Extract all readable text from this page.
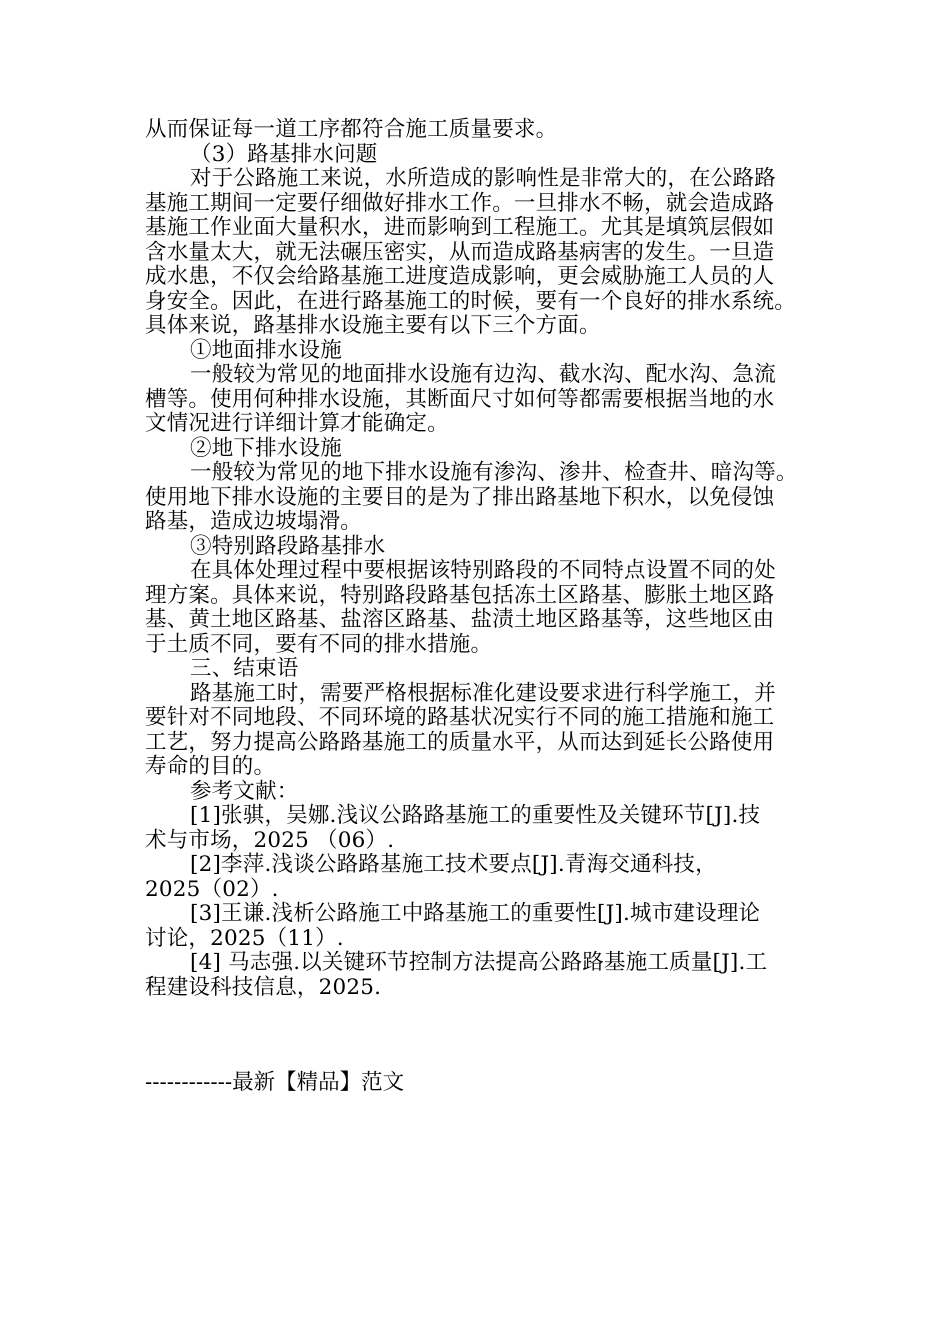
从而保证每一道工序都符合施工质量要求。
（3）路基排水问题
对于公路施工来说，水所造成的影响性是非常大的，在公路路
基施工期间一定要仔细做好排水工作。一旦排水不畅，就会造成路
基施工作业面大量积水，进而影响到工程施工。尤其是填筑层假如
含水量太大，就无法碾压密实，从而造成路基病害的发生。一旦造
成水患，不仅会给路基施工进度造成影响，更会威胁施工人员的人
身安全。因此，在进行路基施工的时候，要有一个良好的排水系统。
具体来说，路基排水设施主要有以下三个方面。
①地面排水设施
一般较为常见的地面排水设施有边沟、截水沟、配水沟、急流
槽等。使用何种排水设施，其断面尺寸如何等都需要根据当地的水
文情况进行详细计算才能确定。
②地下排水设施
一般较为常见的地下排水设施有渗沟、渗井、检查井、暗沟等。
使用地下排水设施的主要目的是为了排出路基地下积水，以免侵蚀
路基，造成边坡塌滑。
③特别路段路基排水
在具体处理过程中要根据该特别路段的不同特点设置不同的处
理方案。具体来说，特别路段路基包括冻土区路基、膨胀土地区路
基、黄土地区路基、盐溶区路基、盐渍土地区路基等，这些地区由
于土质不同，要有不同的排水措施。
三、结束语
路基施工时，需要严格根据标准化建设要求进行科学施工，并
要针对不同地段、不同环境的路基状况实行不同的施工措施和施工
工艺，努力提高公路路基施工的质量水平，从而达到延长公路使用
寿命的目的。
参考文献：
[1]张骐，吴娜.浅议公路路基施工的重要性及关键环节[J].技
术与市场，2025 （06）.
[2]李萍.浅谈公路路基施工技术要点[J].青海交通科技，
2025（02）.
[3]王谦.浅析公路施工中路基施工的重要性[J].城市建设理论
讨论，2025（11）.
[4] 马志强.以关键环节控制方法提高公路路基施工质量[J].工
程建设科技信息，2025.
------------最新【精品】范文
